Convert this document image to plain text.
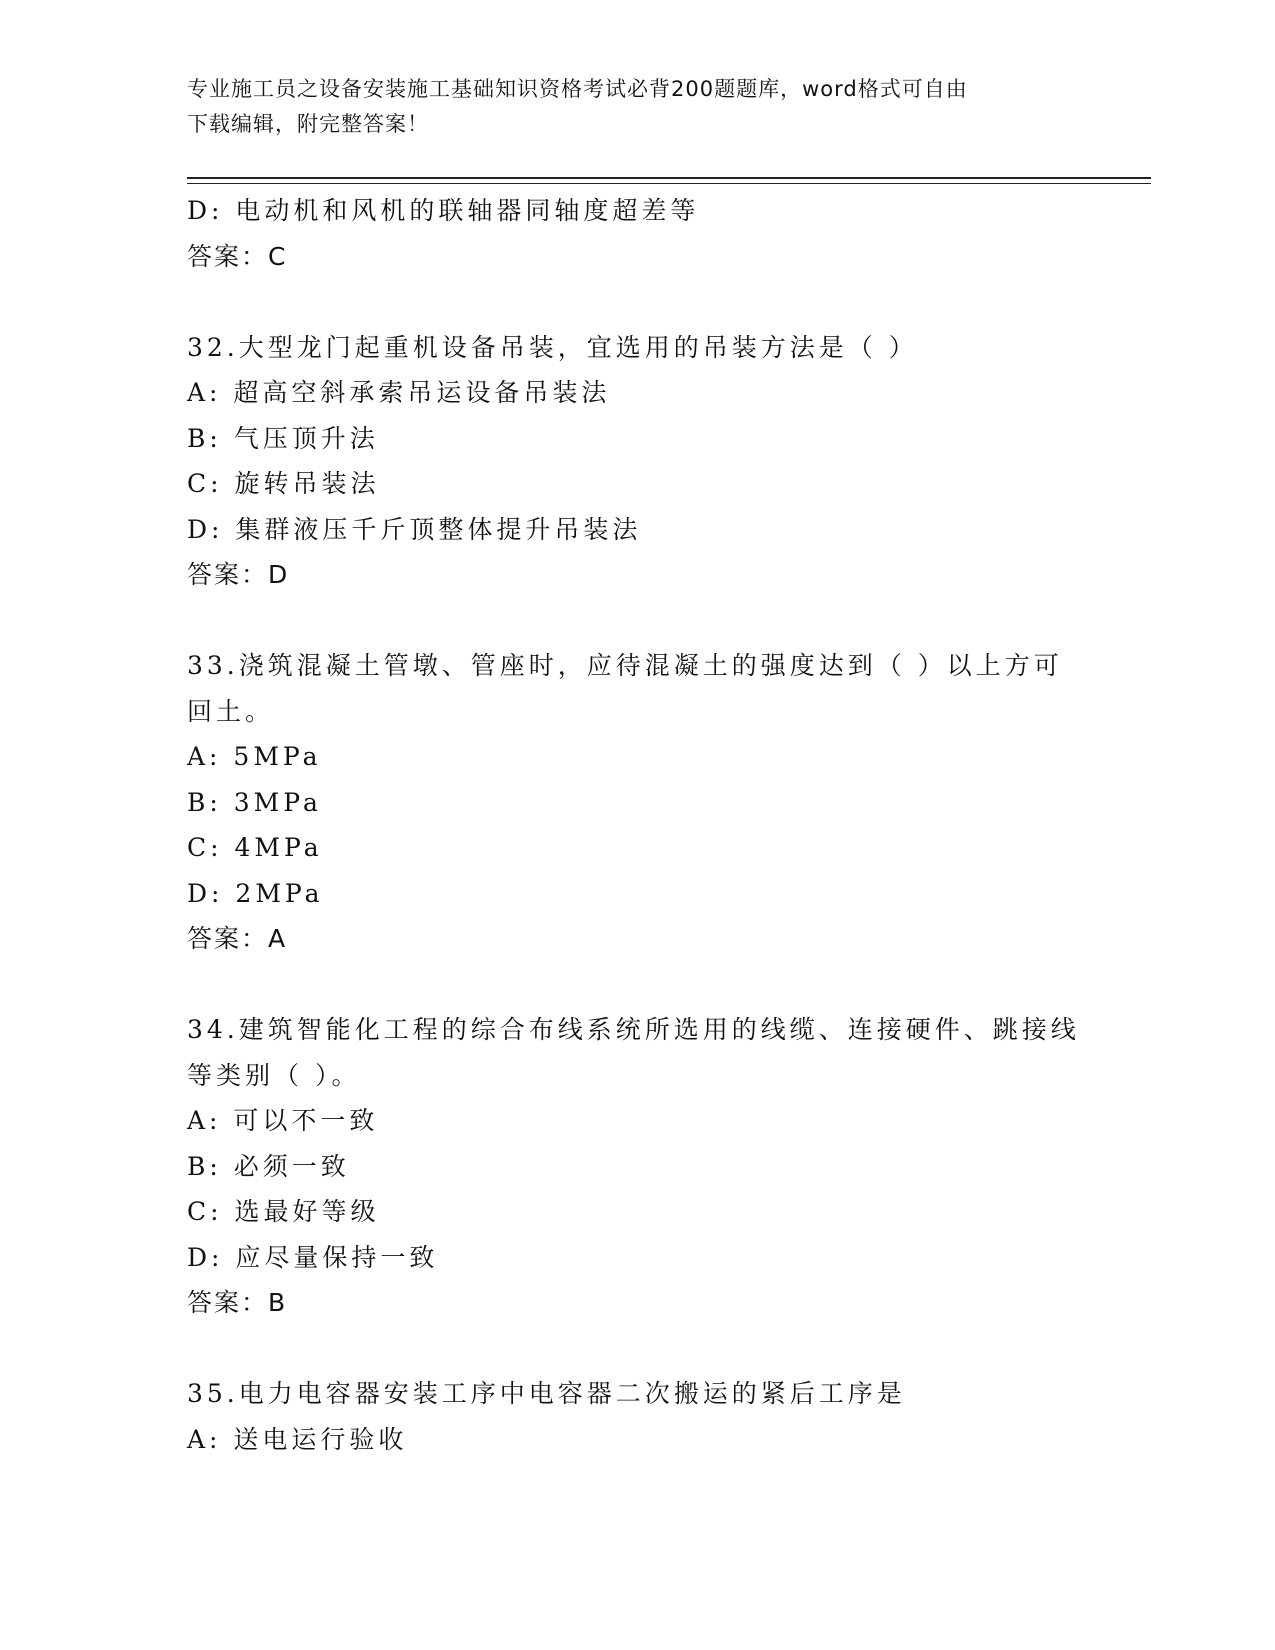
专业施工员之设备安装施工基础知识资格考试必背200题题库，word格式可自由
下载编辑，附完整答案！
D: 电动机和风机的联轴器同轴度超差等
答案：C
32.大型龙门起重机设备吊装，宜选用的吊装方法是（ ）
A: 超高空斜承索吊运设备吊装法
B: 气压顶升法
C: 旋转吊装法
D: 集群液压千斤顶整体提升吊装法
答案：D
33.浇筑混凝土管墩、管座时，应待混凝土的强度达到（ ）以上方可
回土。
A: 5MPa
B: 3MPa
C: 4MPa
D: 2MPa
答案：A
34.建筑智能化工程的综合布线系统所选用的线缆、连接硬件、跳接线
等类别（ ）。
A: 可以不一致
B: 必须一致
C: 选最好等级
D: 应尽量保持一致
答案：B
35.电力电容器安装工序中电容器二次搬运的紧后工序是
A: 送电运行验收
